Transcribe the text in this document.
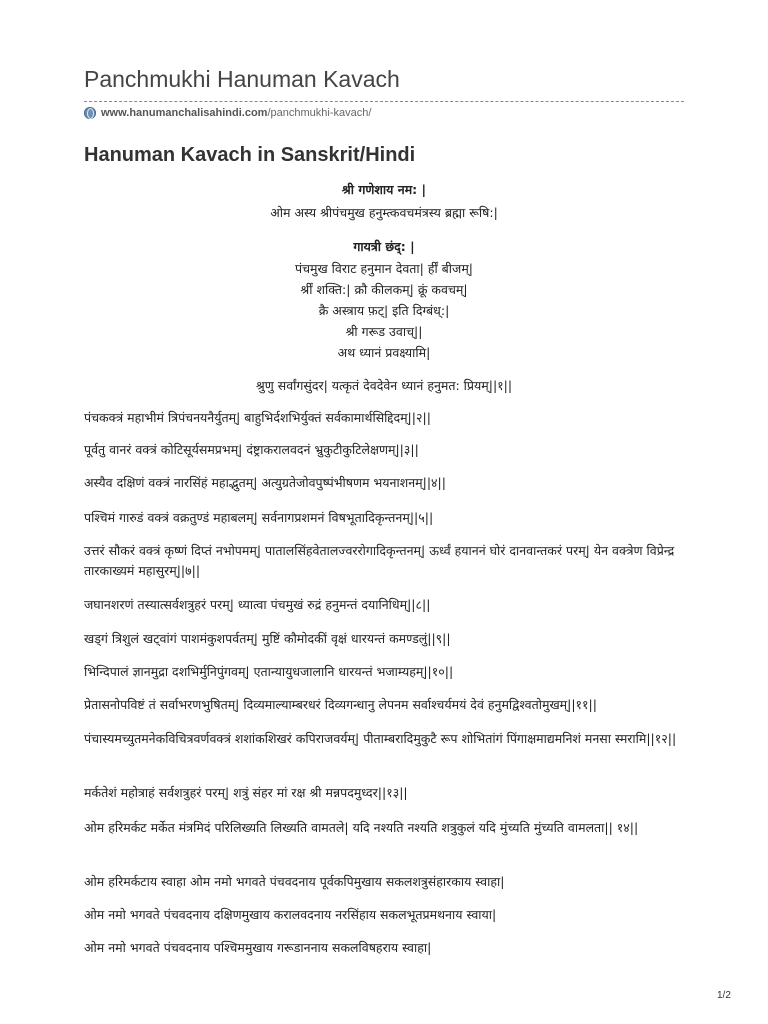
Panchmukhi Hanuman Kavach
www.hanumanchalisahindi.com /panchmukhi-kavach/
Hanuman Kavach in Sanskrit/Hindi
श्री गणेशाय नम: |
ओम अस्य श्रीपंचमुख हनुम्त्कवचमंत्रस्य ब्रह्मा रूषि:|
गायत्री छंद्: |
पंचमुख विराट हनुमान देवता| र्हीं बीजम्|
र्श्रीं शक्ति:| क्रौ कीलकम्| क्रूं कवचम्|
क्रै अस्त्राय फ़ट्| इति दिग्बंध्:|
श्री गरूड उवाच्||
अथ ध्यानं प्रवक्ष्यामि|
श्रुणु सर्वांगसुंदर| यत्कृतं देवदेवेन ध्यानं हनुमत: प्रियम्||१||
पंचकक्त्रं महाभीमं त्रिपंचनयनैर्युतम्| बाहुभिर्दशभिर्युक्तं सर्वकामार्थसिद्दिदम्||२||
पूर्वतु वानरं वक्त्रं कोटिसूर्यसमप्रभम्| दंष्ट्राकरालवदनं भ्रुकुटीकुटिलेक्षणम्||३||
अस्यैव दक्षिणं वक्त्रं नारसिंहं महाद्भुतम्| अत्युग्रतेजोवपुष्पंभीषणम भयनाशनम्||४||
पश्चिमं गारुडं वक्त्रं वक्रतुण्डं महाबलम्| सर्वनागप्रशमनं विषभूतादिकृन्तनम्||५||
उत्तरं सौकरं वक्त्रं कृष्णं दिप्तं नभोपमम्| पातालसिंहवेतालज्वररोगादिकृन्तनम्| ऊर्ध्वं हयाननं घोरं दानवान्तकरं परम्| येन वक्त्रेण विप्रेन्द्र तारकाख्यमं महासुरम्||७||
जघानशरणं तस्यात्सर्वशत्रुहरं परम्| ध्यात्वा पंचमुखं रुद्रं हनुमन्तं दयानिधिम्||८||
खड्गं त्रिशुलं खट्वांगं पाशमंकुशपर्वतम्| मुष्टिं कौमोदकीं वृक्षं धारयन्तं कमण्डलुं||९||
भिन्दिपालं ज्ञानमुद्रा दशभिर्मुनिपुंगवम्| एतान्यायुधजालानि धारयन्तं भजाम्यहम्||१०||
प्रेतासनोपविष्टं तं सर्वाभरणभुषितम्| दिव्यमाल्याम्बरधरं दिव्यगन्धानु लेपनम सर्वाश्चर्यमयं देवं हनुमद्विश्वतोमुखम्||११||
पंचास्यमच्युतमनेकविचित्रवर्णवक्त्रं शशांकशिखरं कपिराजवर्यम्| पीताम्बरादिमुकुटै रूप शोभितांगं पिंगाक्षमाद्यमनिशं मनसा स्मरामि||१२||
मर्कतेशं महोत्राहं सर्वशत्रुहरं परम्| शत्रुं संहर मां रक्ष श्री मन्नपदमुध्दर||१३||
ओम हरिमर्कट मर्केत मंत्रमिदं परिलिख्यति लिख्यति वामतले| यदि नश्यति नश्यति शत्रुकुलं यदि मुंच्यति मुंच्यति वामलता|| १४||
ओम हरिमर्कटाय स्वाहा ओम नमो भगवते पंचवदनाय पूर्वकपिमुखाय सकलशत्रुसंहारकाय स्वाहा|
ओम नमो भगवते पंचवदनाय दक्षिणमुखाय करालवदनाय नरसिंहाय सकलभूतप्रमथनाय स्वाया|
ओम नमो भगवते पंचवदनाय पश्चिममुखाय गरूडाननाय सकलविषहराय स्वाहा|
1/2
